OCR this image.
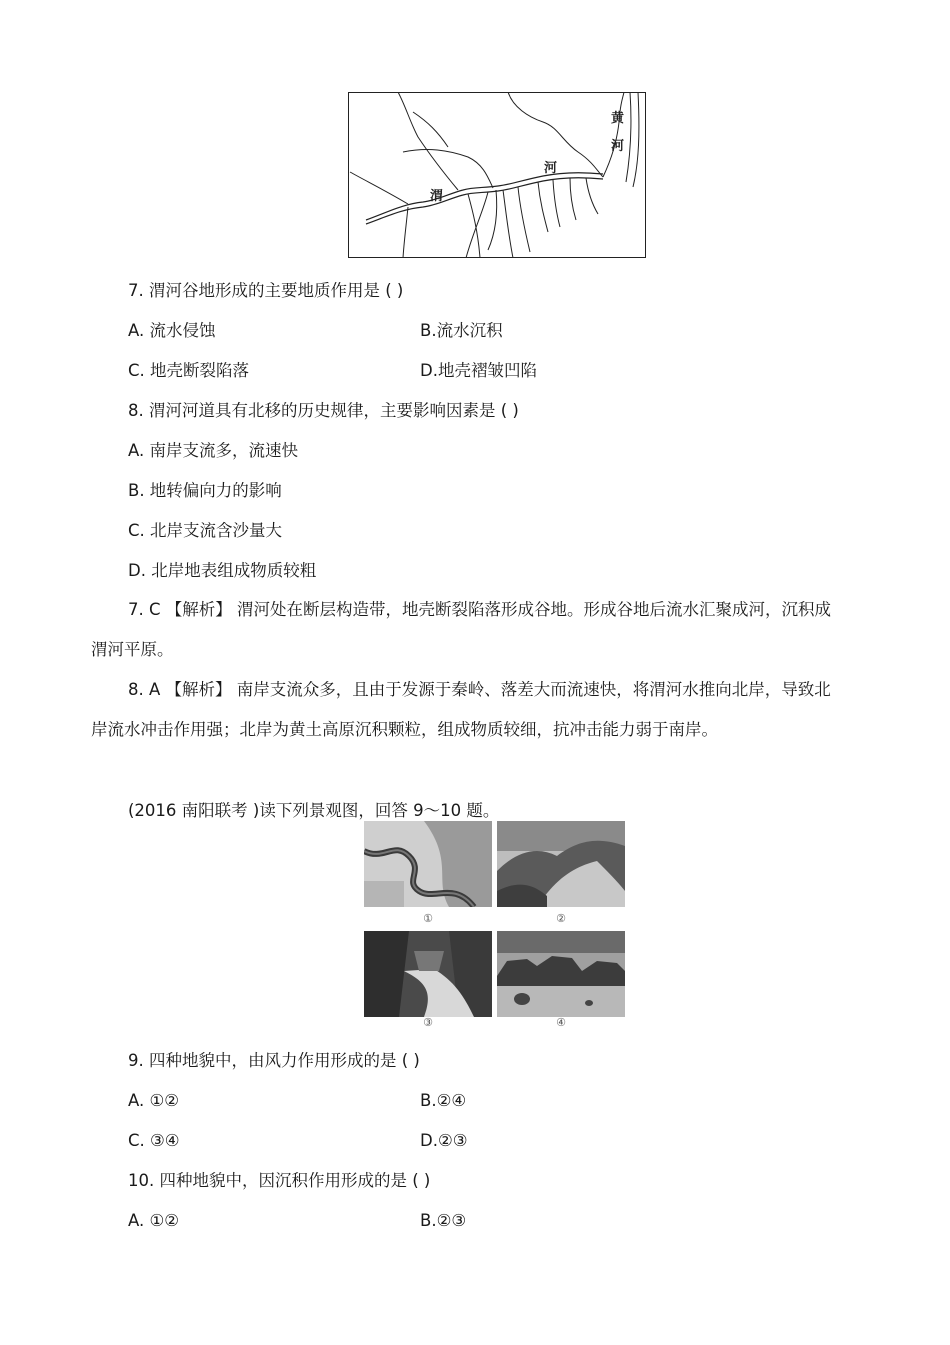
渭
河
黄
河
7. 渭河谷地形成的主要地质作用是 ( )
A. 流水侵蚀	B.流水沉积
C. 地壳断裂陷落	D.地壳褶皱凹陷
8. 渭河河道具有北移的历史规律，主要影响因素是 ( )
A. 南岸支流多，流速快
B. 地转偏向力的影响
C. 北岸支流含沙量大
D. 北岸地表组成物质较粗
7. C 【解析】 渭河处在断层构造带，地壳断裂陷落形成谷地。形成谷地后流水汇聚成河，沉积成渭河平原。
8. A 【解析】 南岸支流众多，且由于发源于秦岭、落差大而流速快，将渭河水推向北岸，导致北岸流水冲击作用强；北岸为黄土高原沉积颗粒，组成物质较细，抗冲击能力弱于南岸。
(2016 南阳联考 )读下列景观图，回答 9～10 题。
①	②
③	④
9. 四种地貌中，由风力作用形成的是 ( )
A. ①②	B.②④
C. ③④	D.②③
10. 四种地貌中，因沉积作用形成的是 ( )
A. ①②	B.②③
